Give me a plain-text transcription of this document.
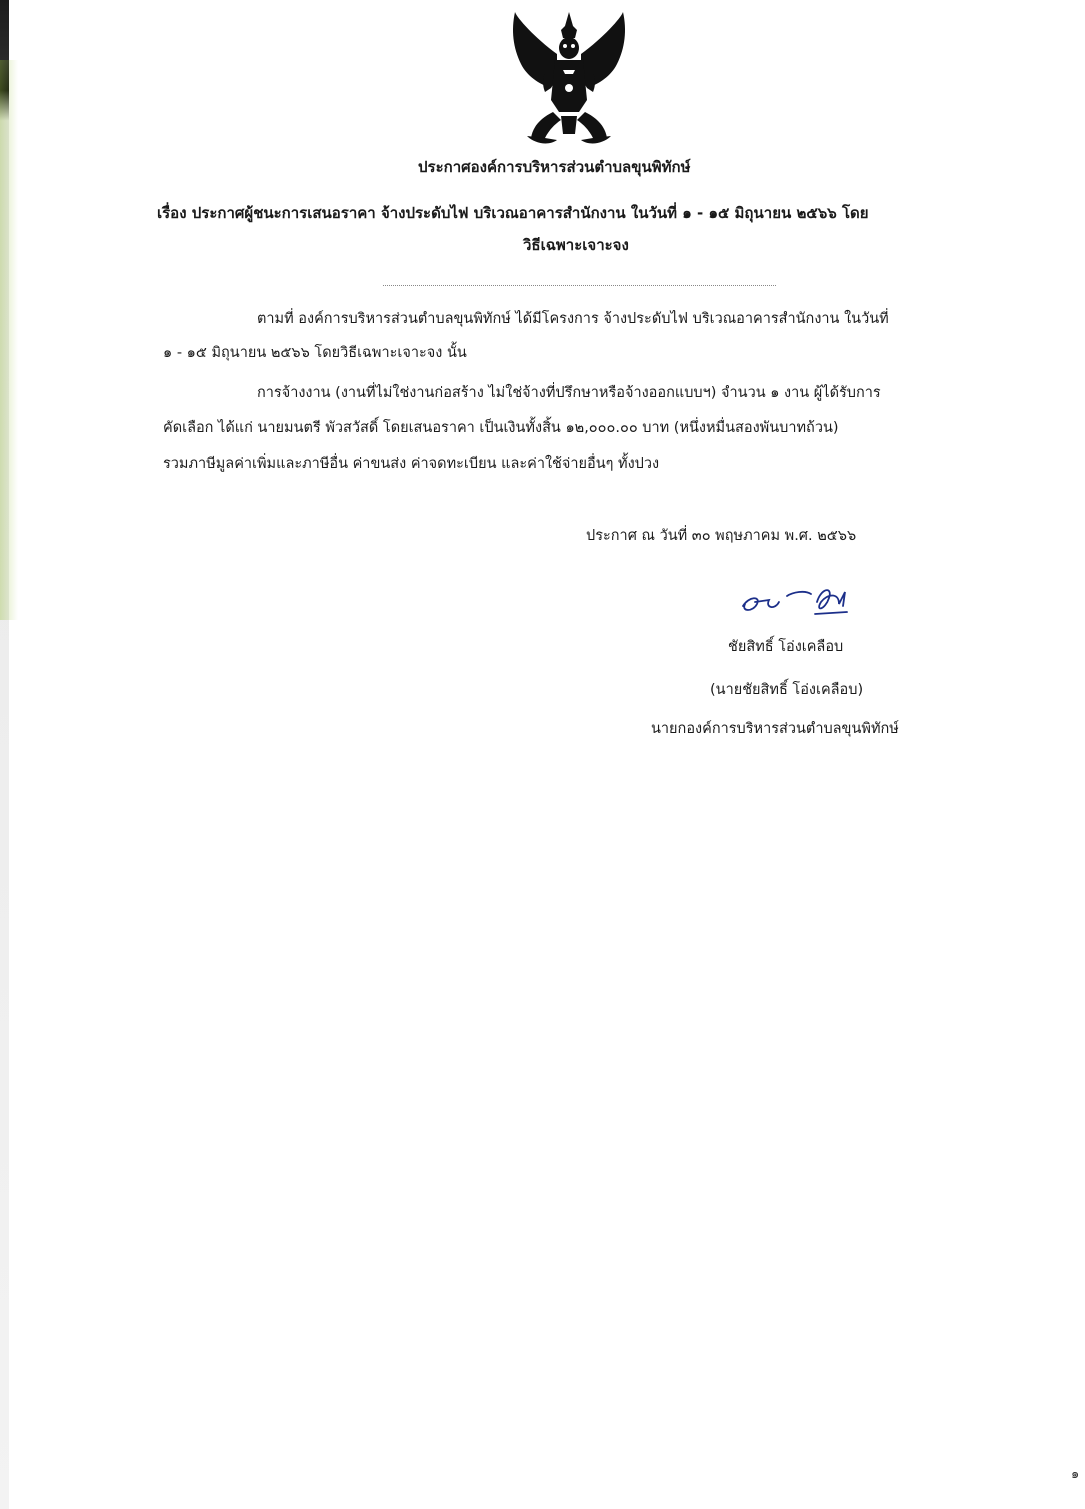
ประกาศองค์การบริหารส่วนตำบลขุนพิทักษ์
เรื่อง ประกาศผู้ชนะการเสนอราคา จ้างประดับไฟ บริเวณอาคารสำนักงาน ในวันที่ ๑ - ๑๕ มิถุนายน ๒๕๖๖ โดย
วิธีเฉพาะเจาะจง
ตามที่ องค์การบริหารส่วนตำบลขุนพิทักษ์ ได้มีโครงการ จ้างประดับไฟ บริเวณอาคารสำนักงาน ในวันที่
๑ - ๑๕ มิถุนายน ๒๕๖๖ โดยวิธีเฉพาะเจาะจง นั้น
การจ้างงาน (งานที่ไม่ใช่งานก่อสร้าง ไม่ใช่จ้างที่ปรึกษาหรือจ้างออกแบบฯ) จำนวน ๑ งาน ผู้ได้รับการ
คัดเลือก ได้แก่ นายมนตรี พัวสวัสดิ์ โดยเสนอราคา เป็นเงินทั้งสิ้น ๑๒,๐๐๐.๐๐ บาท (หนึ่งหมื่นสองพันบาทถ้วน)
รวมภาษีมูลค่าเพิ่มและภาษีอื่น ค่าขนส่ง ค่าจดทะเบียน และค่าใช้จ่ายอื่นๆ ทั้งปวง
ประกาศ ณ วันที่ ๓๐ พฤษภาคม พ.ศ. ๒๕๖๖
ชัยสิทธิ์ โอ่งเคลือบ
(นายชัยสิทธิ์ โอ่งเคลือบ)
นายกองค์การบริหารส่วนตำบลขุนพิทักษ์
๑
